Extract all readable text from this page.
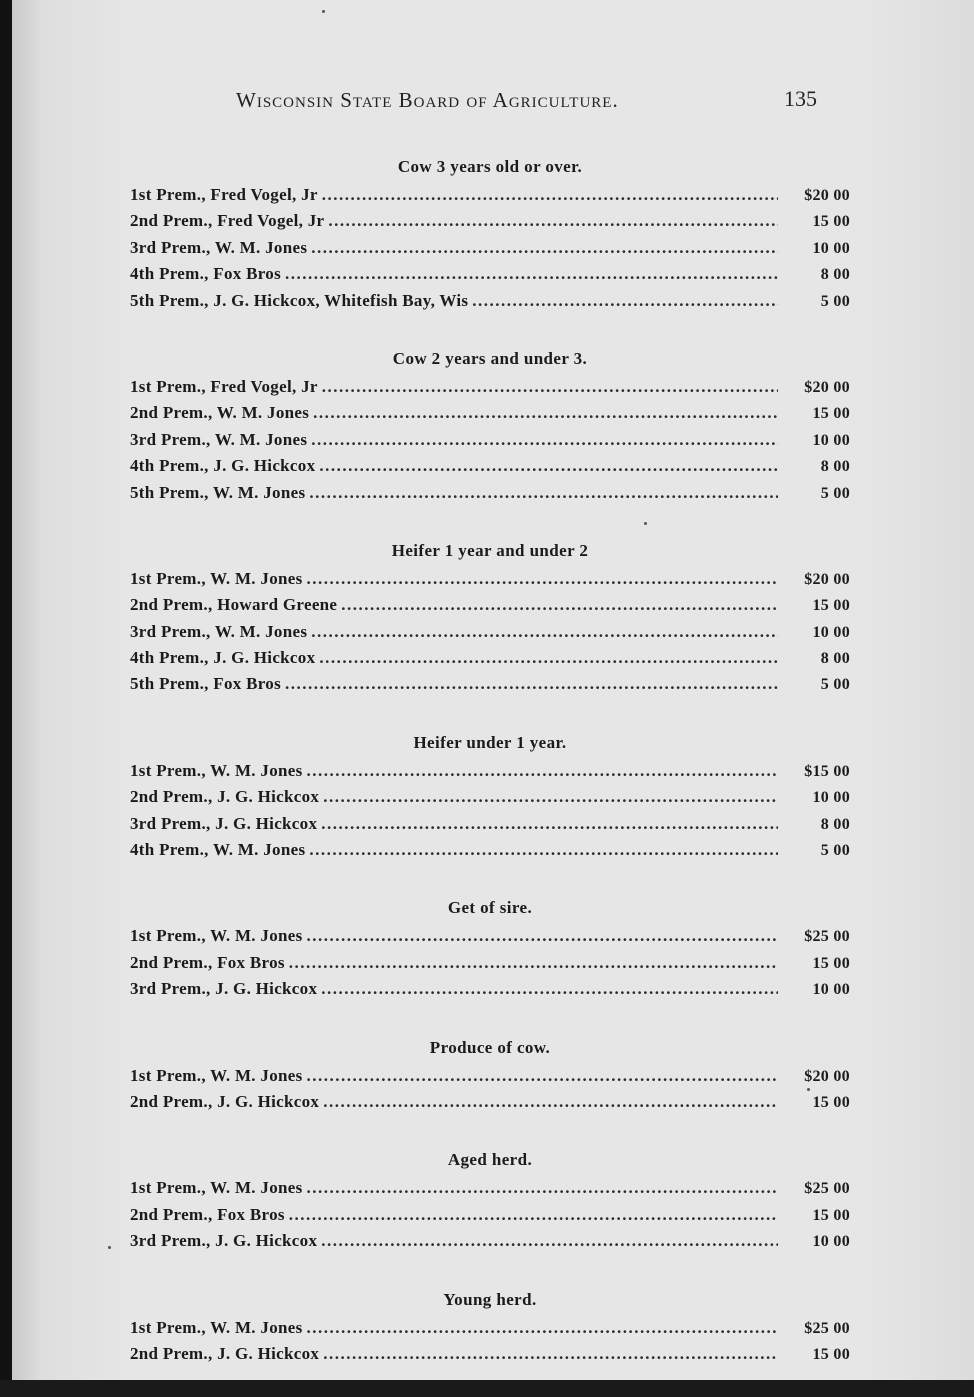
Wisconsin State Board of Agriculture.	135
Cow 3 years old or over.
1st Prem., Fred Vogel, Jr .....	$20 00
2nd Prem., Fred Vogel, Jr .....	15 00
3rd Prem., W. M. Jones .....	10 00
4th Prem., Fox Bros .....	8 00
5th Prem., J. G. Hickcox, Whitefish Bay, Wis .....	5 00
Cow 2 years and under 3.
1st Prem., Fred Vogel, Jr .....	$20 00
2nd Prem., W. M. Jones .....	15 00
3rd Prem., W. M. Jones .....	10 00
4th Prem., J. G. Hickcox .....	8 00
5th Prem., W. M. Jones .....	5 00
Heifer 1 year and under 2
1st Prem., W. M. Jones .....	$20 00
2nd Prem., Howard Greene .....	15 00
3rd Prem., W. M. Jones .....	10 00
4th Prem., J. G. Hickcox .....	8 00
5th Prem., Fox Bros .....	5 00
Heifer under 1 year.
1st Prem., W. M. Jones .....	$15 00
2nd Prem., J. G. Hickcox .....	10 00
3rd Prem., J. G. Hickcox .....	8 00
4th Prem., W. M. Jones .....	5 00
Get of sire.
1st Prem., W. M. Jones .....	$25 00
2nd Prem., Fox Bros .....	15 00
3rd Prem., J. G. Hickcox .....	10 00
Produce of cow.
1st Prem., W. M. Jones .....	$20 00
2nd Prem., J. G. Hickcox .....	15 00
Aged herd.
1st Prem., W. M. Jones .....	$25 00
2nd Prem., Fox Bros .....	15 00
3rd Prem., J. G. Hickcox .....	10 00
Young herd.
1st Prem., W. M. Jones .....	$25 00
2nd Prem., J. G. Hickcox .....	15 00
